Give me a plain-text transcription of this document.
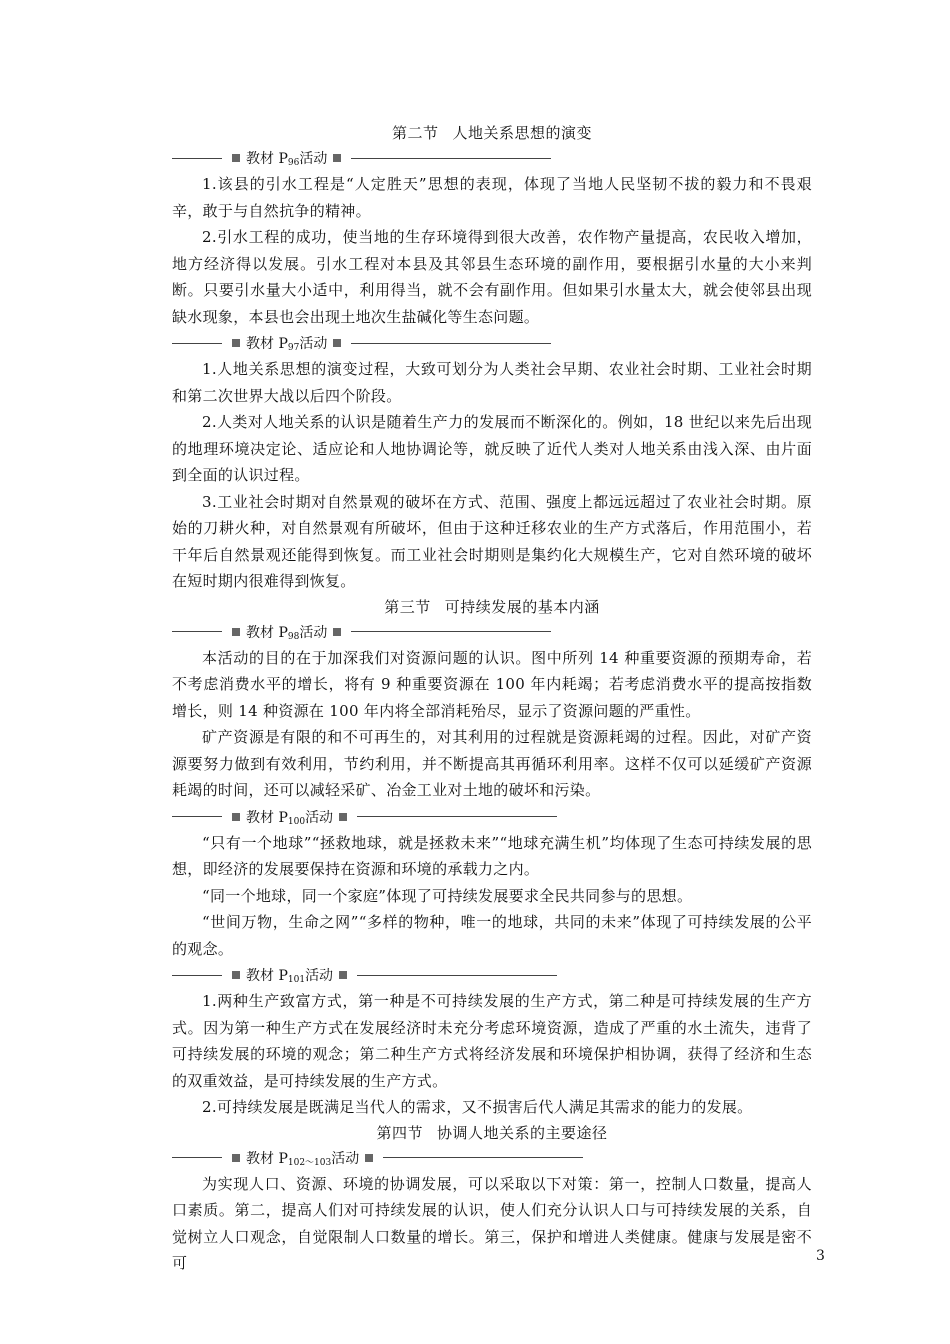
第二节 人地关系思想的演变
教材 $P_{96}$活动

1.该县的引水工程是“人定胜天”思想的表现，体现了当地人民坚韧不拔的毅力和不畏艰辛，敢于与自然抗争的精神。

2.引水工程的成功，使当地的生存环境得到很大改善，农作物产量提高，农民收入增加，地方经济得以发展。引水工程对本县及其邻县生态环境的副作用，要根据引水量的大小来判断。只要引水量大小适中，利用得当，就不会有副作用。但如果引水量太大，就会使邻县出现缺水现象，本县也会出现土地次生盐碱化等生态问题。

教材 $P_{97}$活动

1.人地关系思想的演变过程，大致可划分为人类社会早期、农业社会时期、工业社会时期和第二次世界大战以后四个阶段。

2.人类对人地关系的认识是随着生产力的发展而不断深化的。例如，18 世纪以来先后出现的地理环境决定论、适应论和人地协调论等，就反映了近代人类对人地关系由浅入深、由片面到全面的认识过程。

3.工业社会时期对自然景观的破坏在方式、范围、强度上都远远超过了农业社会时期。原始的刀耕火种，对自然景观有所破坏，但由于这种迁移农业的生产方式落后，作用范围小，若干年后自然景观还能得到恢复。而工业社会时期则是集约化大规模生产，它对自然环境的破坏在短时期内很难得到恢复。

第三节 可持续发展的基本内涵
教材 $P_{98}$活动

本活动的目的在于加深我们对资源问题的认识。图中所列 14 种重要资源的预期寿命，若不考虑消费水平的增长，将有 9 种重要资源在 100 年内耗竭；若考虑消费水平的提高按指数增长，则 14 种资源在 100 年内将全部消耗殆尽，显示了资源问题的严重性。

矿产资源是有限的和不可再生的，对其利用的过程就是资源耗竭的过程。因此，对矿产资源要努力做到有效利用，节约利用，并不断提高其再循环利用率。这样不仅可以延缓矿产资源耗竭的时间，还可以减轻采矿、冶金工业对土地的破坏和污染。

教材 $P_{100}$活动

“只有一个地球”“拯救地球，就是拯救未来”“地球充满生机”均体现了生态可持续发展的思想，即经济的发展要保持在资源和环境的承载力之内。

“同一个地球，同一个家庭”体现了可持续发展要求全民共同参与的思想。

“世间万物，生命之网”“多样的物种，唯一的地球，共同的未来”体现了可持续发展的公平的观念。

教材 $P_{101}$活动

1.两种生产致富方式，第一种是不可持续发展的生产方式，第二种是可持续发展的生产方式。因为第一种生产方式在发展经济时未充分考虑环境资源，造成了严重的水土流失，违背了可持续发展的环境的观念；第二种生产方式将经济发展和环境保护相协调，获得了经济和生态的双重效益，是可持续发展的生产方式。

2.可持续发展是既满足当代人的需求，又不损害后代人满足其需求的能力的发展。

第四节 协调人地关系的主要途径
教材 $P_{102\sim 103}$活动

为实现人口、资源、环境的协调发展，可以采取以下对策：第一，控制人口数量，提高人口素质。第二，提高人们对可持续发展的认识，使人们充分认识人口与可持续发展的关系，自觉树立人口观念，自觉限制人口数量的增长。第三，保护和增进人类健康。健康与发展是密不可	3
